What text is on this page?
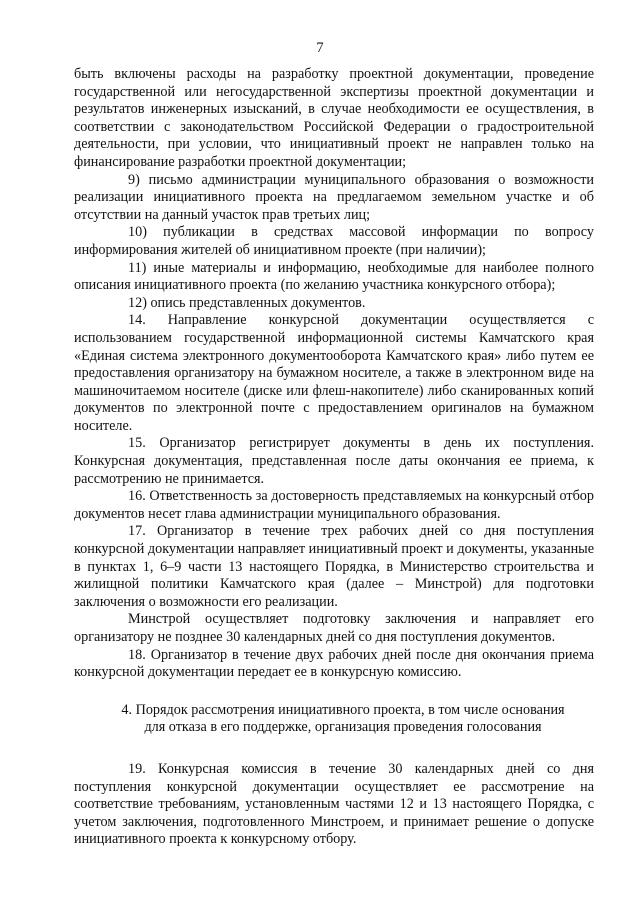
7

быть включены расходы на разработку проектной документации, проведение государственной или негосударственной экспертизы проектной документации и результатов инженерных изысканий, в случае необходимости ее осуществления, в соответствии с законодательством Российской Федерации о градостроительной деятельности, при условии, что инициативный проект не направлен только на финансирование разработки проектной документации;

9) письмо администрации муниципального образования о возможности реализации инициативного проекта на предлагаемом земельном участке и об отсутствии на данный участок прав третьих лиц;

10) публикации в средствах массовой информации по вопросу информирования жителей об инициативном проекте (при наличии);

11) иные материалы и информацию, необходимые для наиболее полного описания инициативного проекта (по желанию участника конкурсного отбора);

12) опись представленных документов.

14. Направление конкурсной документации осуществляется с использованием государственной информационной системы Камчатского края «Единая система электронного документооборота Камчатского края» либо путем ее предоставления организатору на бумажном носителе, а также в электронном виде на машиночитаемом носителе (диске или флеш-накопителе) либо сканированных копий документов по электронной почте с предоставлением оригиналов на бумажном носителе.

15. Организатор регистрирует документы в день их поступления. Конкурсная документация, представленная после даты окончания ее приема, к рассмотрению не принимается.

16. Ответственность за достоверность представляемых на конкурсный отбор документов несет глава администрации муниципального образования.

17. Организатор в течение трех рабочих дней со дня поступления конкурсной документации направляет инициативный проект и документы, указанные в пунктах 1, 6–9 части 13 настоящего Порядка, в Министерство строительства и жилищной политики Камчатского края (далее – Минстрой) для подготовки заключения о возможности его реализации.

Минстрой осуществляет подготовку заключения и направляет его организатору не позднее 30 календарных дней со дня поступления документов.

18. Организатор в течение двух рабочих дней после дня окончания приема конкурсной документации передает ее в конкурсную комиссию.

4. Порядок рассмотрения инициативного проекта, в том числе основания
для отказа в его поддержке, организация проведения голосования

19. Конкурсная комиссия в течение 30 календарных дней со дня поступления конкурсной документации осуществляет ее рассмотрение на соответствие требованиям, установленным частями 12 и 13 настоящего Порядка, с учетом заключения, подготовленного Минстроем, и принимает решение о допуске инициативного проекта к конкурсному отбору.
